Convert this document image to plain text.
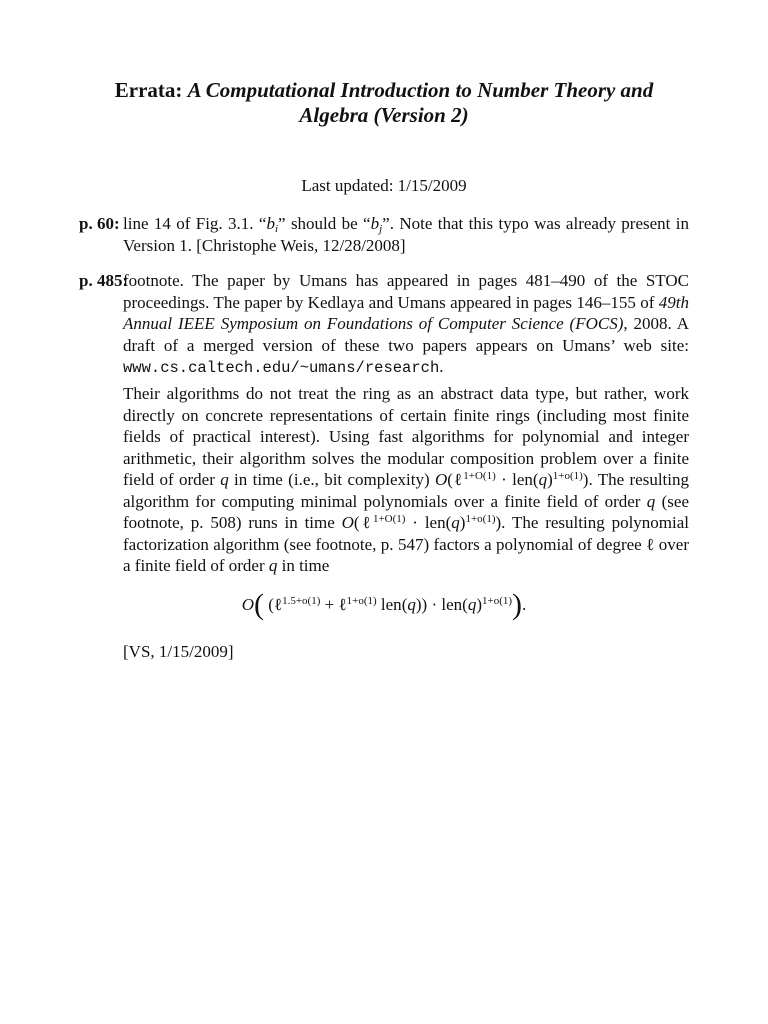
Errata: A Computational Introduction to Number Theory and Algebra (Version 2)
Last updated: 1/15/2009
p. 60: line 14 of Fig. 3.1. “$b_i$” should be “$b_j$”. Note that this typo was already present in Version 1. [Christophe Weis, 12/28/2008]
p. 485:
footnote. The paper by Umans has appeared in pages 481–490 of the STOC proceedings. The paper by Kedlaya and Umans appeared in pages 146–155 of 49th Annual IEEE Symposium on Foundations of Computer Science (FOCS), 2008. A draft of a merged version of these two papers appears on Umans’ web site: www.cs.caltech.edu/~umans/research.
Their algorithms do not treat the ring as an abstract data type, but rather, work directly on concrete representations of certain finite rings (including most finite fields of practical interest). Using fast algorithms for polynomial and integer arithmetic, their algorithm solves the modular composition problem over a finite field of order q in time (i.e., bit complexity) O(ℓ$^{1+O(1)}$ · $len(q)^{1+o(1)}$). The resulting algorithm for computing minimal polynomials over a finite field of order q (see footnote, p. 508) runs in time O(ℓ$^{1+O(1)}$ · $len(q)^{1+o(1)}$). The resulting polynomial factorization algorithm (see footnote, p. 547) factors a polynomial of degree ℓ over a finite field of order q in time
O( (ℓ$^{1.5+o(1)}$ + ℓ$^{1+o(1)}$ $len(q)) \cdot len(q)^{1+o(1)}$).
[VS, 1/15/2009]
